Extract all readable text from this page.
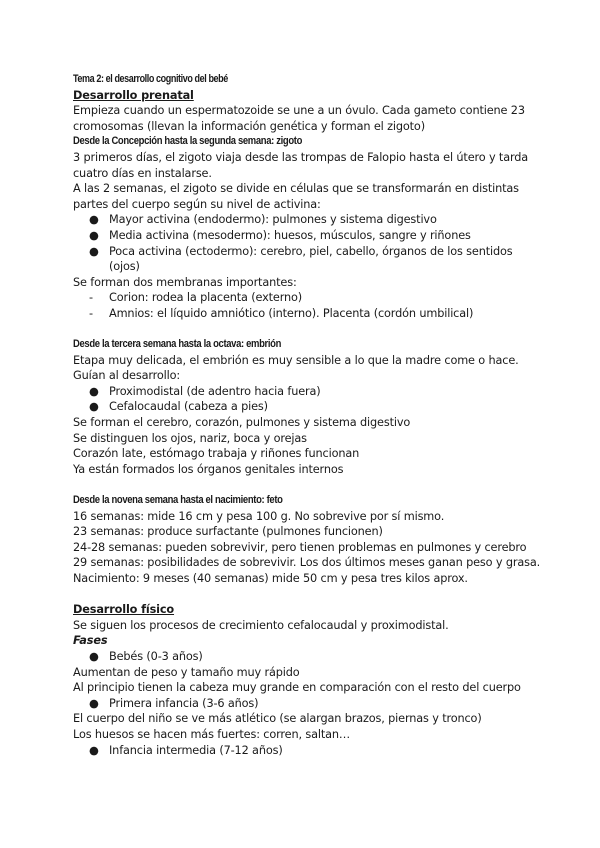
Tema 2: el desarrollo cognitivo del bebé
Desarrollo prenatal
Empieza cuando un espermatozoide se une a un óvulo. Cada gameto contiene 23
cromosomas (llevan la información genética y forman el zigoto)
Desde la Concepción hasta la segunda semana: zigoto
3 primeros días, el zigoto viaja desde las trompas de Falopio hasta el útero y tarda
cuatro días en instalarse.
A las 2 semanas, el zigoto se divide en células que se transformarán en distintas
partes del cuerpo según su nivel de activina:
● Mayor activina (endodermo): pulmones y sistema digestivo
● Media activina (mesodermo): huesos, músculos, sangre y riñones
● Poca activina (ectodermo): cerebro, piel, cabello, órganos de los sentidos
(ojos)
Se forman dos membranas importantes:
- Corion: rodea la placenta (externo)
- Amnios: el líquido amniótico (interno). Placenta (cordón umbilical)
Desde la tercera semana hasta la octava: embrión
Etapa muy delicada, el embrión es muy sensible a lo que la madre come o hace.
Guían al desarrollo:
● Proximodistal (de adentro hacia fuera)
● Cefalocaudal (cabeza a pies)
Se forman el cerebro, corazón, pulmones y sistema digestivo
Se distinguen los ojos, nariz, boca y orejas
Corazón late, estómago trabaja y riñones funcionan
Ya están formados los órganos genitales internos
Desde la novena semana hasta el nacimiento: feto
16 semanas: mide 16 cm y pesa 100 g. No sobrevive por sí mismo.
23 semanas: produce surfactante (pulmones funcionen)
24-28 semanas: pueden sobrevivir, pero tienen problemas en pulmones y cerebro
29 semanas: posibilidades de sobrevivir. Los dos últimos meses ganan peso y grasa.
Nacimiento: 9 meses (40 semanas) mide 50 cm y pesa tres kilos aprox.
Desarrollo físico
Se siguen los procesos de crecimiento cefalocaudal y proximodistal.
Fases
● Bebés (0-3 años)
Aumentan de peso y tamaño muy rápido
Al principio tienen la cabeza muy grande en comparación con el resto del cuerpo
● Primera infancia (3-6 años)
El cuerpo del niño se ve más atlético (se alargan brazos, piernas y tronco)
Los huesos se hacen más fuertes: corren, saltan…
● Infancia intermedia (7-12 años)
